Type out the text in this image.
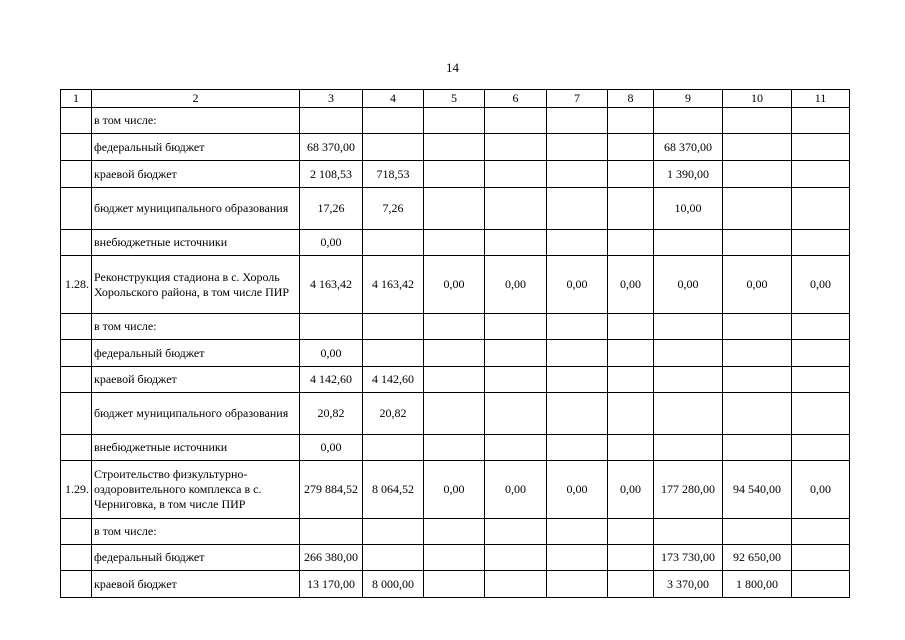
14
1	2	3	4	5	6	7	8	9	10	11
	в том числе:									
	федеральный бюджет	68 370,00						68 370,00		
	краевой бюджет	2 108,53	718,53					1 390,00		
	бюджет муниципального образования	17,26	7,26					10,00		
	внебюджетные источники	0,00								
1.28.	Реконструкция стадиона в с. Хороль Хорольского района, в том числе ПИР	4 163,42	4 163,42	0,00	0,00	0,00	0,00	0,00	0,00	0,00
	в том числе:									
	федеральный бюджет	0,00								
	краевой бюджет	4 142,60	4 142,60							
	бюджет муниципального образования	20,82	20,82							
	внебюджетные источники	0,00								
1.29.	Строительство физкультурно-оздоровительного комплекса в с. Черниговка, в том числе ПИР	279 884,52	8 064,52	0,00	0,00	0,00	0,00	177 280,00	94 540,00	0,00
	в том числе:									
	федеральный бюджет	266 380,00						173 730,00	92 650,00	
	краевой бюджет	13 170,00	8 000,00					3 370,00	1 800,00	
